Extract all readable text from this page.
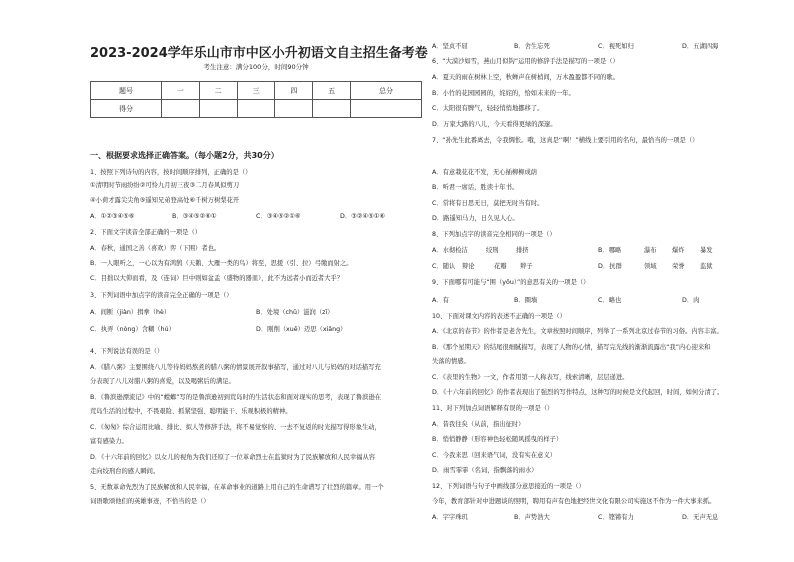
2023-2024学年乐山市市中区小升初语文自主招生备考卷
考生注意：满分100分，时间90分钟
题号	一	二	三	四	五	总分
得分						
一、根据要求选择正确答案。（每小题2分，共30分）
1、按照下列诗句的内容，按时间顺序排列，正确的是（）
①清明时节雨纷纷②可怜九月初三夜③二月春风似剪刀
④小荷才露尖尖角⑤遥知兄弟登高处⑥千树万树梨花开
A．①②③④⑤⑥	B．③④⑤②⑥①	C．③④⑤②①⑥	D．③②④⑤①⑥
2、下面文字读音全部正确的一项是（）
A．春秋，通国之善（喜欢）弈（下围）者也。
B．一人眼听之，一心以为有鸿鹄（天鹅、大雁一类的鸟）将至，思援（引、拉）弓缴而射之。
C．目拙以大仰而看，及（连词）巨中则如盆盂（盛物的器皿），此不为远者小而近者大乎？
3、下列词语中加点字的读音完全正确的一项是（）
A．间断（jiàn）揖拳（hè）	B．处境（chǔ）滋润（zī）
C．执弄（nòng）含糊（hú）	D．刚削（xuē）迈思（xiǎng）
4、下列说法有误的是（）
A．《腊八粥》主要围绕八儿等待妈妈熬煮的腊八粥的情景展开叙事描写，通过对八儿与妈妈的对话描写充
分表现了八儿对腊八粥的喜爱，以及喝粥后的满足。
B．《鲁滨逊漂流记》中的“螳螂”写的是鲁滨逊初到荒岛时的生活状态和面对现实的思考，表现了鲁滨逊在
荒岛生活的过程中，不畏艰险、抓紧坚强、聪明能干、乐观积极的精神。
C．《匆匆》综合运用比喻、排比、拟人等修辞手法，将不易觉察的、一去不复返的时光描写得形象生动，
富有感染力。
D．《十六年前的回忆》以女儿的视角为我们还原了一位革命烈士在监狱时为了民族解放和人民幸福从容
走向绞刑台的感人瞬间。
5、无数革命先烈为了民族解放和人民幸福，在革命事业的道路上用自己的生命谱写了壮烈的篇章。用一个
词语歌颂他们的英雄事迹，不恰当的是（）
A．坚贞不屈	B．舍生忘死	C．视死如归	D．五湖四海
6、“大漠沙如雪，燕山月似钩”运用的修辞手法是描写的一项是（）
A．夏天的雨在树林上空，秋蝉声在树梢间，万木盈盈都不同的歌。
B．小竹的花园园园的，姹姹的，恰如末来的一年。
C．太阳很有脾气，轻轻悄悄地挪移了。
D．万家大路的八儿，今天看得更绿的深邃。
7、“孙先生此番离去，令我惆怅。哦，这真是‘’啊！”横线上要引用的名句，最恰当的一项是（）
A．有意栽花花不发，无心插柳柳成荫
B．听君一席话，胜读十年书。
C．常将有日思无日，莫把无时当有时。
D．路遥知马力，日久见人心。
8、下列加点字的读音完全相同的一项是（）
A．水彻检洁	绞刑	排挤	B．哪略	瀑布 爆炸 暴发
C．随认 辩论	花瓣 辫子	D．抗群	领域 荣誉 监狱
9、下面哪有可能与“围（yōu）”的意思有关的一项是（）
A．有	B．圈墙	C．略也	D．肉
10、下面对课文内容的表述不正确的一项是（）
A．《北京的春节》的作者是老舍先生，文章按照时间顺序，列举了一系列北京过春节的习俗。内容丰富。
B．《那个星期天》的结尾很细腻描写，表现了人物的心情，描写完光线的渐渐流露出“我”内心迎来和
失落的情感。
C．《表里的生物》一文，作者用第一人称表写，线索清晰，层层递进。
D．《十六年前的回忆》的作者表现出了强烈的写作特点，这种写的时候是文代起回，时间，如何分清了。
11、对下列加点词语解释有误的一项是（）
A．昔我往矣（从前，指出征时）
B．悄悄静静（形容神色轻松随风摇曳的样子）
C．今我来思（回来语气词，没有实在意义）
D．雨雪霏霏（名词，指飘落的雨水）
12、下列词语与句子中画线部分意思接近的一项是（）
今年，教育部针对中进题谈的照明，聘用有声有色地把经世文化有限公司实施这不作为一件大事来抓。
A．字字珠玑	B．声势浩大	C．铿锵有力	D．无声无息
